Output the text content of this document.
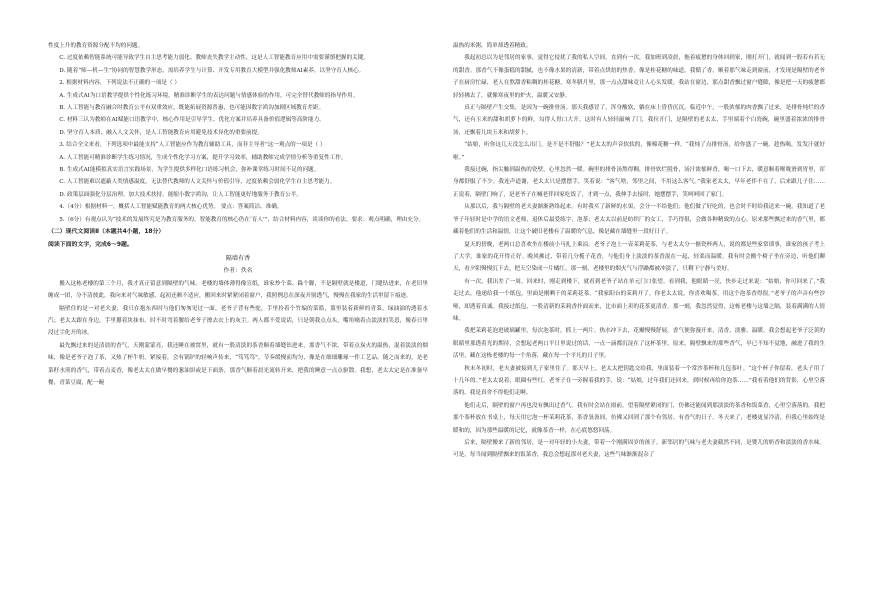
性度上升的教育资源分配不均的问题。

C. 过度依赖智能系统可能导致学生自主思考能力弱化、教师丧失教学主动性，这是人工智能教育应用中需要谨慎把握的关键。

D. 随着“师—机—生”协同的智慧教学形态，需培养学生与计算、开发专用教育大模型并强化教师AI素养，以坚守育人核心。

2. 根据材料内容，下列说法不正确的一项是（ ）

A. 生成式AI为口语教学提供个性化练习环境，精准诊断学生的表达问题与情感体验的作用，可完全替代教师的指导作用。

B. 人工智能与教育融合时教育公平有双重效应，既能拓展资源普惠，也可能因数字鸿沟加剧区域教育差距。

C. 材料三认为教师在AI赋能口语教学中，核心作用是引导学生、优化方案并培养具备价值逻辑等高阶能力。

D. 坚守育人本质、融入人文关怀，是人工智能教育应用避免技术异化的重要前提。

3. 结合全文来看，下列选项中最能支持“人工智能应作为教育辅助工具，而非主导者”这一观点的一项是（ ）

A. 人工智能可精准诊断学生练习情况，生成个性化学习方案，提升学习效率，辅助教师完成学情分析等重复性工作。

B. 生成式AI能模拟真实语言实践场景，为学生提供多样化口语练习机会，弥补课堂练习时间不足的问题。

C. 人工智能难以遮蔽人类情感温度，无法替代教师的人文关怀与价值引导，过度依赖会弱化学生自主思考能力。

D. 政策层面强化分层治理、加大技术扶持，能缩小数字鸿沟，让人工智能更好地服务于教育公平。

4.（4分）根据材料一，概括人工智能赋能教育的两大核心优势。 要点：答案简洁、准确。

5.（6分）有观点认为“技术的发展终究是为教育服务的，智能教育的核心仍在‘育人’”，结合材料内容，谈谈你的看法。要求：观点明确，理由充分。

（二）现代文阅读Ⅱ（本题共4小题，18分）

阅读下面的文字，完成6～9题。

隔墙有香

作者：佚名

搬入这栋老楼的第三个月，我才真正留意到隔壁的气味。老楼的墙体薄得像宣纸，谁家炒个菜、跺个脚，不是隔壁就是楼道，门缝钻进来，在老旧里缠成一团，分不清彼此。我向来对气味敏感，起初还颇不适应，搬回来时紧紧闭着窗户，我照例总在深夜开窗透气，慢慢在我家的生活里留下痕迹。

隔壁住的是一对老夫妻，我只在抱东西时与他们匆匆见过一面。老爷子背有些驼，手里拎着个竹编的菜篮，篮里装着新鲜的青菜，绿油油的透着水汽；老太太跟在身边，手里攥着块抹布，时不时弯着腰给老爷子擦去衣上的灰尘。两人都不爱说话，只是朝我点点头，嘴角噙着点淡淡的笑意，像春日里浸过尘化开的冰。

最先飘过来的是清晨的香气，天刚蒙蒙亮，我还睡在被窝里，就有一股清淡的茶香顺着墙缝钻进来，那香气不浓，带着点炭火的温热，混着淡淡的烟味，像是老爷子泡了茶，又热了杯牛奶。紧接着，会有锅铲的轻响声传来，“笃笃笃”，节奏缓慢而均匀，像是在细细雕琢一件工艺品。随之而来的，是老菜籽水煎的香气，带着点麦香，像老太太在做早餐的葱油饼或是下面条，那香气顺着晨光流转开来，把我的睡意一点点驱散。我想，老太太定是在准备早餐，青菜豆腐，配一碗

温热的米粥，简单却透着精致。

我起初总以为是邻居的家事，觉得它侵扰了我的私人空间，直到有一次，我加班到凌晨，拖着疲惫的身体回到家，刚打开门，就闻到一股若有若无的甜香。那香气不像蛋糕的甜腻，也不像水果的清新，带着点烘焙的焦香，像是桂花糖的味道。我循了香，顺着那气味走到窗前，才发现是隔壁的老爷子在厨房忙碌，老人在熬甜香粘稠的桂花糖，寒冬腊月里，那一点点甜味竟让人心头发暖。我站在窗边，那点甜香飘过窗户缝隙，像是把一天的疲惫都轻轻拂去了，就像寒夜里的炉火，温暖又安静。

真正与隔壁产生交集，是因为一碗排骨汤。那天我感冒了，浑身酸软，躺在床上昏昏沉沉。临近中午，一股浓郁的肉香飘了过来，是排骨炖烂的香气，还有玉米的甜和胡萝卜的鲜，勾得人胃口大开。这时有人轻轻敲响了门，我拉开门，是隔壁的老太太，手里端着个白瓷碗，碗里盛着浓浓的排骨汤，还飘着几块玉米和胡萝卜。

“姑娘，听你这几天没怎么出门，是不是不舒服？”老太太的声音软软的，像棉花糖一样。“我炖了点排骨汤，给你盛了一碗，趁热喝，发发汗就好啦。”

我接过碗，指尖触到温热的瓷壁，心里忽然一暖。碗里的排骨汤熬得稠，排骨软烂脱骨，汤汁浓郁鲜香，喝一口下去，暖意顺着喉咙滑到胃里，浑身都舒服了不少。我连声道谢，老太太只是摆摆手，笑着说：“客气啥，邻里之间，不用这么客气。”我家老太太，早年老伴不在了，后来跟儿子住……正说着，隔壁门响了，是老爷子在喊老伴回家吃饭了，才到一点，我伸手去接时，她摆摆手，笑呵呵回了家门。

从那以后，我与隔壁的老夫妻渐渐熟络起来。有时我买了新鲜的水果，会分一半给他们；他们做了好吃的，也会时不时给我送来一碗。我知道了老爷子年轻时是中学的语文老师，退休后最爱练字，泡茶；老太太以前是纺织厂的女工，手巧得很，会做各种精致的点心。原来那些飘过来的香气里，都藏着他们的生活和温情，让这个破旧老楼有了温暖的气息，像是藏在墙缝里一段好日子。

夏天的傍晚，老两口总喜欢坐在楼前小马扎上乘凉。老爷子泡上一壶茉莉花茶，与老太太分一搪瓷杯两人，说的都是些家常琐事，谁家的孩子考上了大学，谁家的花开得正好。晚风拂过，带着几分栀子花香，与他们身上淡淡的茶香混在一起，轻柔而温暖。我有时会搬个椅子坐在旁边，听他们聊天，看夕阳慢慢沉下去，把天空染成一片橘红。那一刻，老楼里的烟火气与浮躁都被冲淡了，只剩下宁静与美好。

有一次，我出差了一周，回来时，刚走到楼下，就看到老爷子站在单元门口张望。看到我，他眼睛一亮，快步走过来说：“姑娘，你可回来了，”我走过去，他递给我一个纸包，里面是刚晒干的茉莉花茶。“我家阳台的茉莉开了，你老太太说，你喜欢喝茶，用这个泡茶香得很。”老爷子的声音有些沙哑，却透着真诚。我接过纸包，一股清新的茉莉香扑面而来，比市面上卖的花茶更清香。那一刻，我忽然觉得，这栋老楼与这墙之隔，装着满满的人情味。

我把茉莉花泡进玻璃罐里，每次泡茶时，抓上一两片。热水冲下去，花瓣慢慢舒展，香气便弥漫开来，清香、淡雅、温暖。我会想起老爷子泛黄的眼睛里那透着光的期待，会想起老两口平日里说过的话，一点一滴都沉淀在了这杯茶里。原来，隔壁飘来的那些香气，早已不知不觉地，融进了我的生活里，藏在这栋老楼的每一个角落，藏在每一个平凡的日子里。

秋末冬初时，老夫妻被接到儿子家里住了。那天早上，老太太把钥匙交给我，里面装着一个常沙茶杯和几包茶叶。“这个杯子你留着，老头子用了十几年的。”老太太说着，眼圈有些红。老爷子在一旁握着我的手，说：“姑娘，过年我们还回来，到时候再给你泡茶……”我看着他们的背影，心里空落落的。我是真舍不得他们走啊。

他们走后，隔壁的窗户再也没有飘出过香气。我有时会站在窗前，望着隔壁紧闭的门，仿佛还能闻到那淡淡的茶香和饭菜香，心里空落落的。我把那个茶杯放在书桌上，每天用它泡一杯茉莉花茶，茶香袅袅间，仿佛又回到了那个有邻居、有香气的日子。冬天来了，老楼更显冷清，但我心里始终是暖和的，因为那些温暖的记忆，就像茶香一样，在心底悠悠回荡。

后来，隔壁搬来了新的邻居，是一对年轻的小夫妻，带着一个刚满周岁的孩子。新邻居的气味与老夫妻截然不同，是婴儿的奶香和淡淡的香水味。可是，每当闻到隔壁飘来的饭菜香，我总会想起那对老夫妻，这些气味渐渐混杂了
